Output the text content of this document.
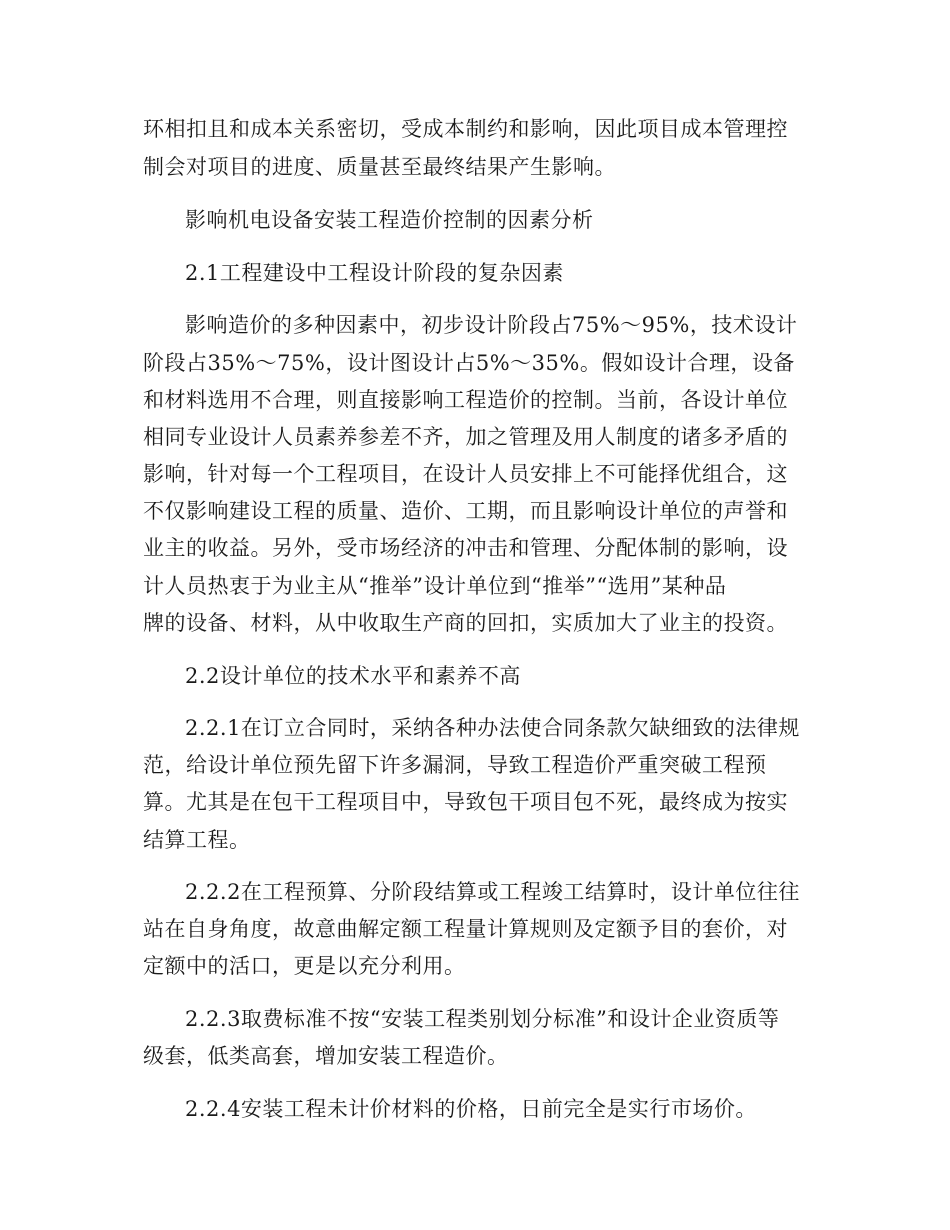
环相扣且和成本关系密切，受成本制约和影响，因此项目成本管理控
制会对项目的进度、质量甚至最终结果产生影响。
影响机电设备安装工程造价控制的因素分析
2.1工程建设中工程设计阶段的复杂因素
影响造价的多种因素中，初步设计阶段占75%～95%，技术设计
阶段占35%～75%，设计图设计占5%～35%。假如设计合理，设备
和材料选用不合理，则直接影响工程造价的控制。当前，各设计单位
相同专业设计人员素养参差不齐，加之管理及用人制度的诸多矛盾的
影响，针对每一个工程项目，在设计人员安排上不可能择优组合，这
不仅影响建设工程的质量、造价、工期，而且影响设计单位的声誉和
业主的收益。另外，受市场经济的冲击和管理、分配体制的影响，设
计人员热衷于为业主从“推举”设计单位到“推举”“选用”某种品
牌的设备、材料，从中收取生产商的回扣，实质加大了业主的投资。
2.2设计单位的技术水平和素养不高
2.2.1在订立合同时，采纳各种办法使合同条款欠缺细致的法律规
范，给设计单位预先留下许多漏洞，导致工程造价严重突破工程预
算。尤其是在包干工程项目中，导致包干项目包不死，最终成为按实
结算工程。
2.2.2在工程预算、分阶段结算或工程竣工结算时，设计单位往往
站在自身角度，故意曲解定额工程量计算规则及定额予目的套价，对
定额中的活口，更是以充分利用。
2.2.3取费标准不按“安装工程类别划分标准”和设计企业资质等
级套，低类高套，增加安装工程造价。
2.2.4安装工程未计价材料的价格，日前完全是实行市场价。
